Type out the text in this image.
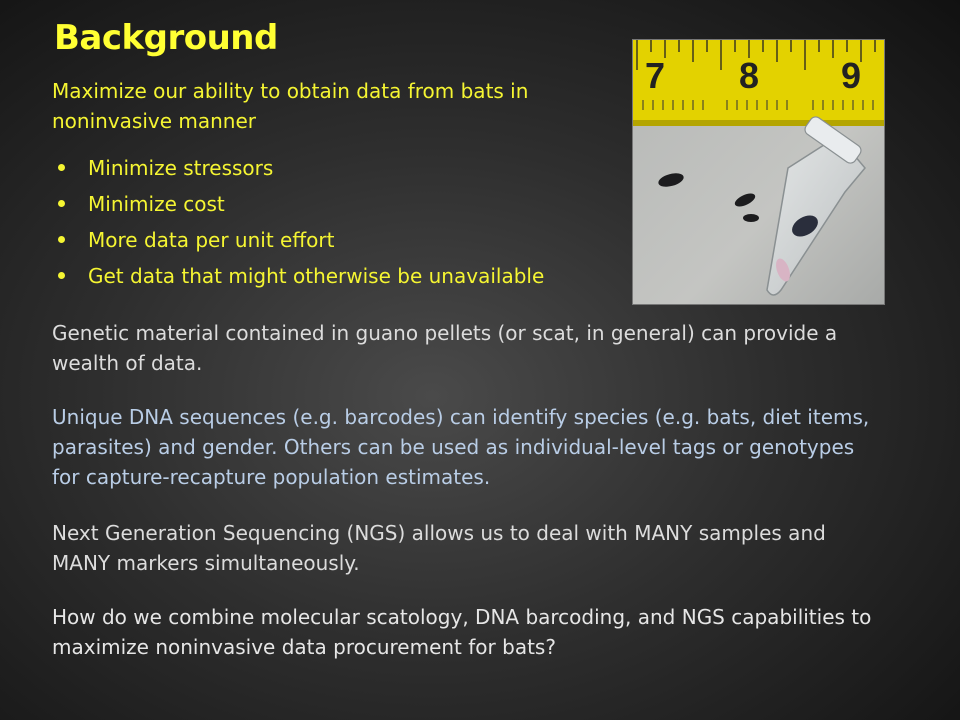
Background

Maximize our ability to obtain data from bats in noninvasive manner

Minimize stressors
Minimize cost
More data per unit effort
Get data that might otherwise be unavailable
7 8 9

Genetic material contained in guano pellets (or scat, in general) can provide a wealth of data.

Unique DNA sequences (e.g. barcodes) can identify species (e.g. bats, diet items, parasites) and gender. Others can be used as individual-level tags or genotypes for capture-recapture population estimates.

Next Generation Sequencing (NGS) allows us to deal with MANY samples and MANY markers simultaneously.

How do we combine molecular scatology, DNA barcoding, and NGS capabilities to maximize noninvasive data procurement for bats?
